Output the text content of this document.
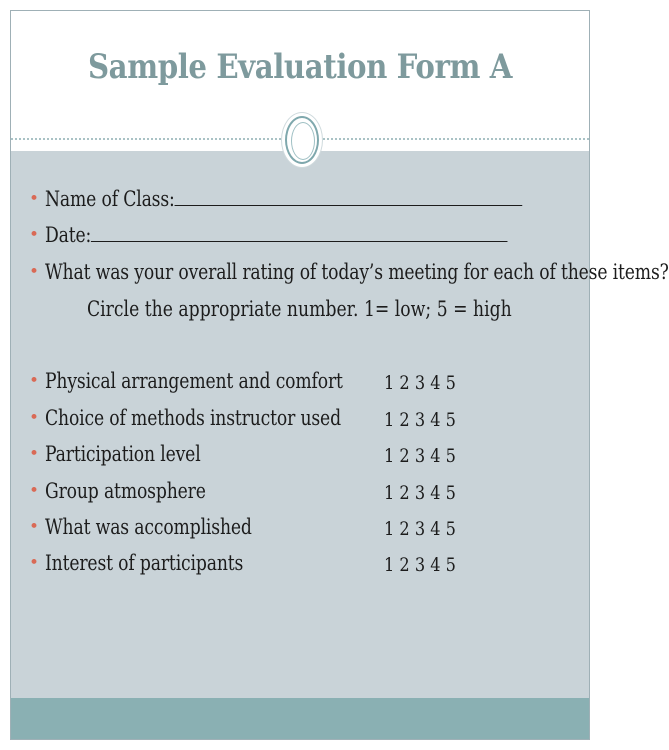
Sample Evaluation Form A
• Name of Class:
• Date:
• What was your overall rating of today’s meeting for each of these items?
Circle the appropriate number. 1= low; 5 = high
• Physical arrangement and comfort 1 2 3 4 5
• Choice of methods instructor used 1 2 3 4 5
• Participation level	1 2 3 4 5
• Group atmosphere	1 2 3 4 5
• What was accomplished	1 2 3 4 5
• Interest of participants	1 2 3 4 5
